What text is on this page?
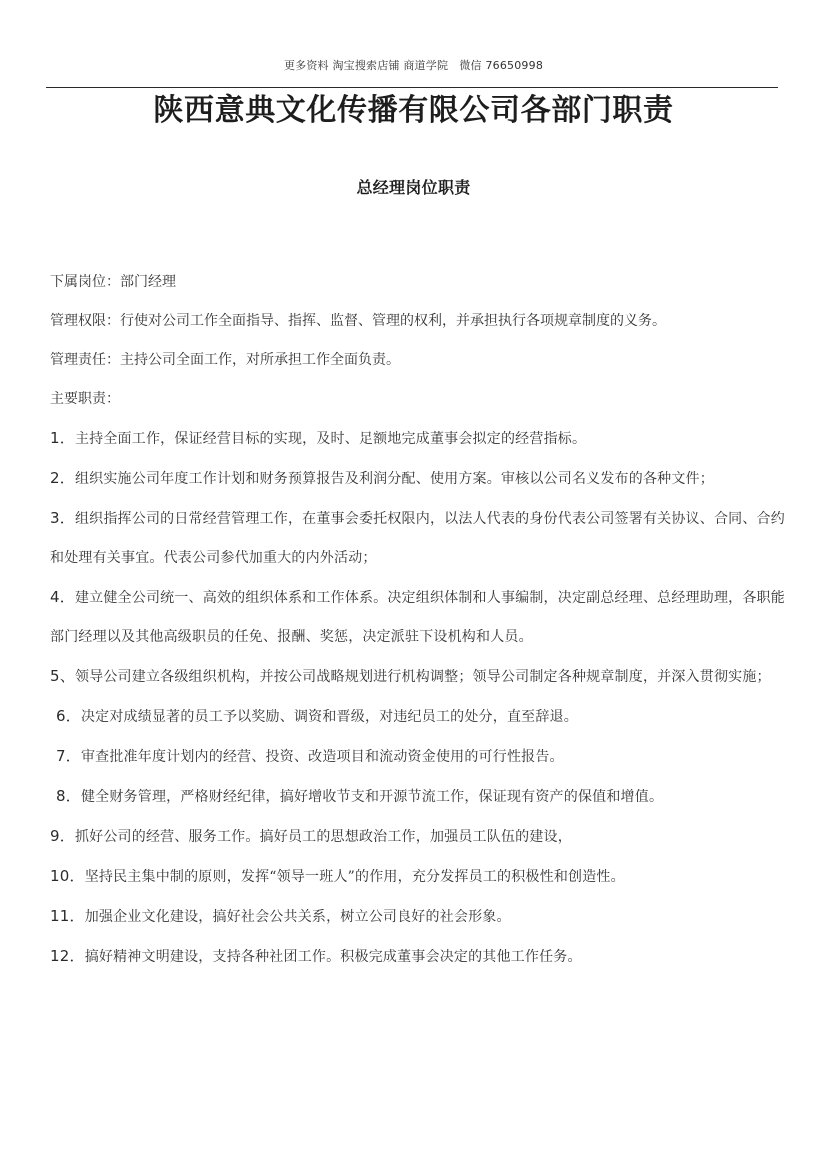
更多资料 淘宝搜索店铺 商道学院　微信 76650998
陕西意典文化传播有限公司各部门职责
总经理岗位职责
下属岗位：部门经理
管理权限：行使对公司工作全面指导、指挥、监督、管理的权利，并承担执行各项规章制度的义务。
管理责任：主持公司全面工作，对所承担工作全面负责。
主要职责：
1．主持全面工作，保证经营目标的实现，及时、足额地完成董事会拟定的经营指标。
2．组织实施公司年度工作计划和财务预算报告及利润分配、使用方案。审核以公司名义发布的各种文件；
3．组织指挥公司的日常经营管理工作，在董事会委托权限内，以法人代表的身份代表公司签署有关协议、合同、合约和处理有关事宜。代表公司参代加重大的内外活动；
4．建立健全公司统一、高效的组织体系和工作体系。决定组织体制和人事编制，决定副总经理、总经理助理，各职能部门经理以及其他高级职员的任免、报酬、奖惩，决定派驻下设机构和人员。
5、领导公司建立各级组织机构，并按公司战略规划进行机构调整；领导公司制定各种规章制度，并深入贯彻实施；
6．决定对成绩显著的员工予以奖励、调资和晋级，对违纪员工的处分，直至辞退。
7．审查批准年度计划内的经营、投资、改造项目和流动资金使用的可行性报告。
8．健全财务管理，严格财经纪律，搞好增收节支和开源节流工作，保证现有资产的保值和增值。
9．抓好公司的经营、服务工作。搞好员工的思想政治工作，加强员工队伍的建设，
10．坚持民主集中制的原则，发挥“领导一班人”的作用，充分发挥员工的积极性和创造性。
11．加强企业文化建设，搞好社会公共关系，树立公司良好的社会形象。
12．搞好精神文明建设，支持各种社团工作。积极完成董事会决定的其他工作任务。
